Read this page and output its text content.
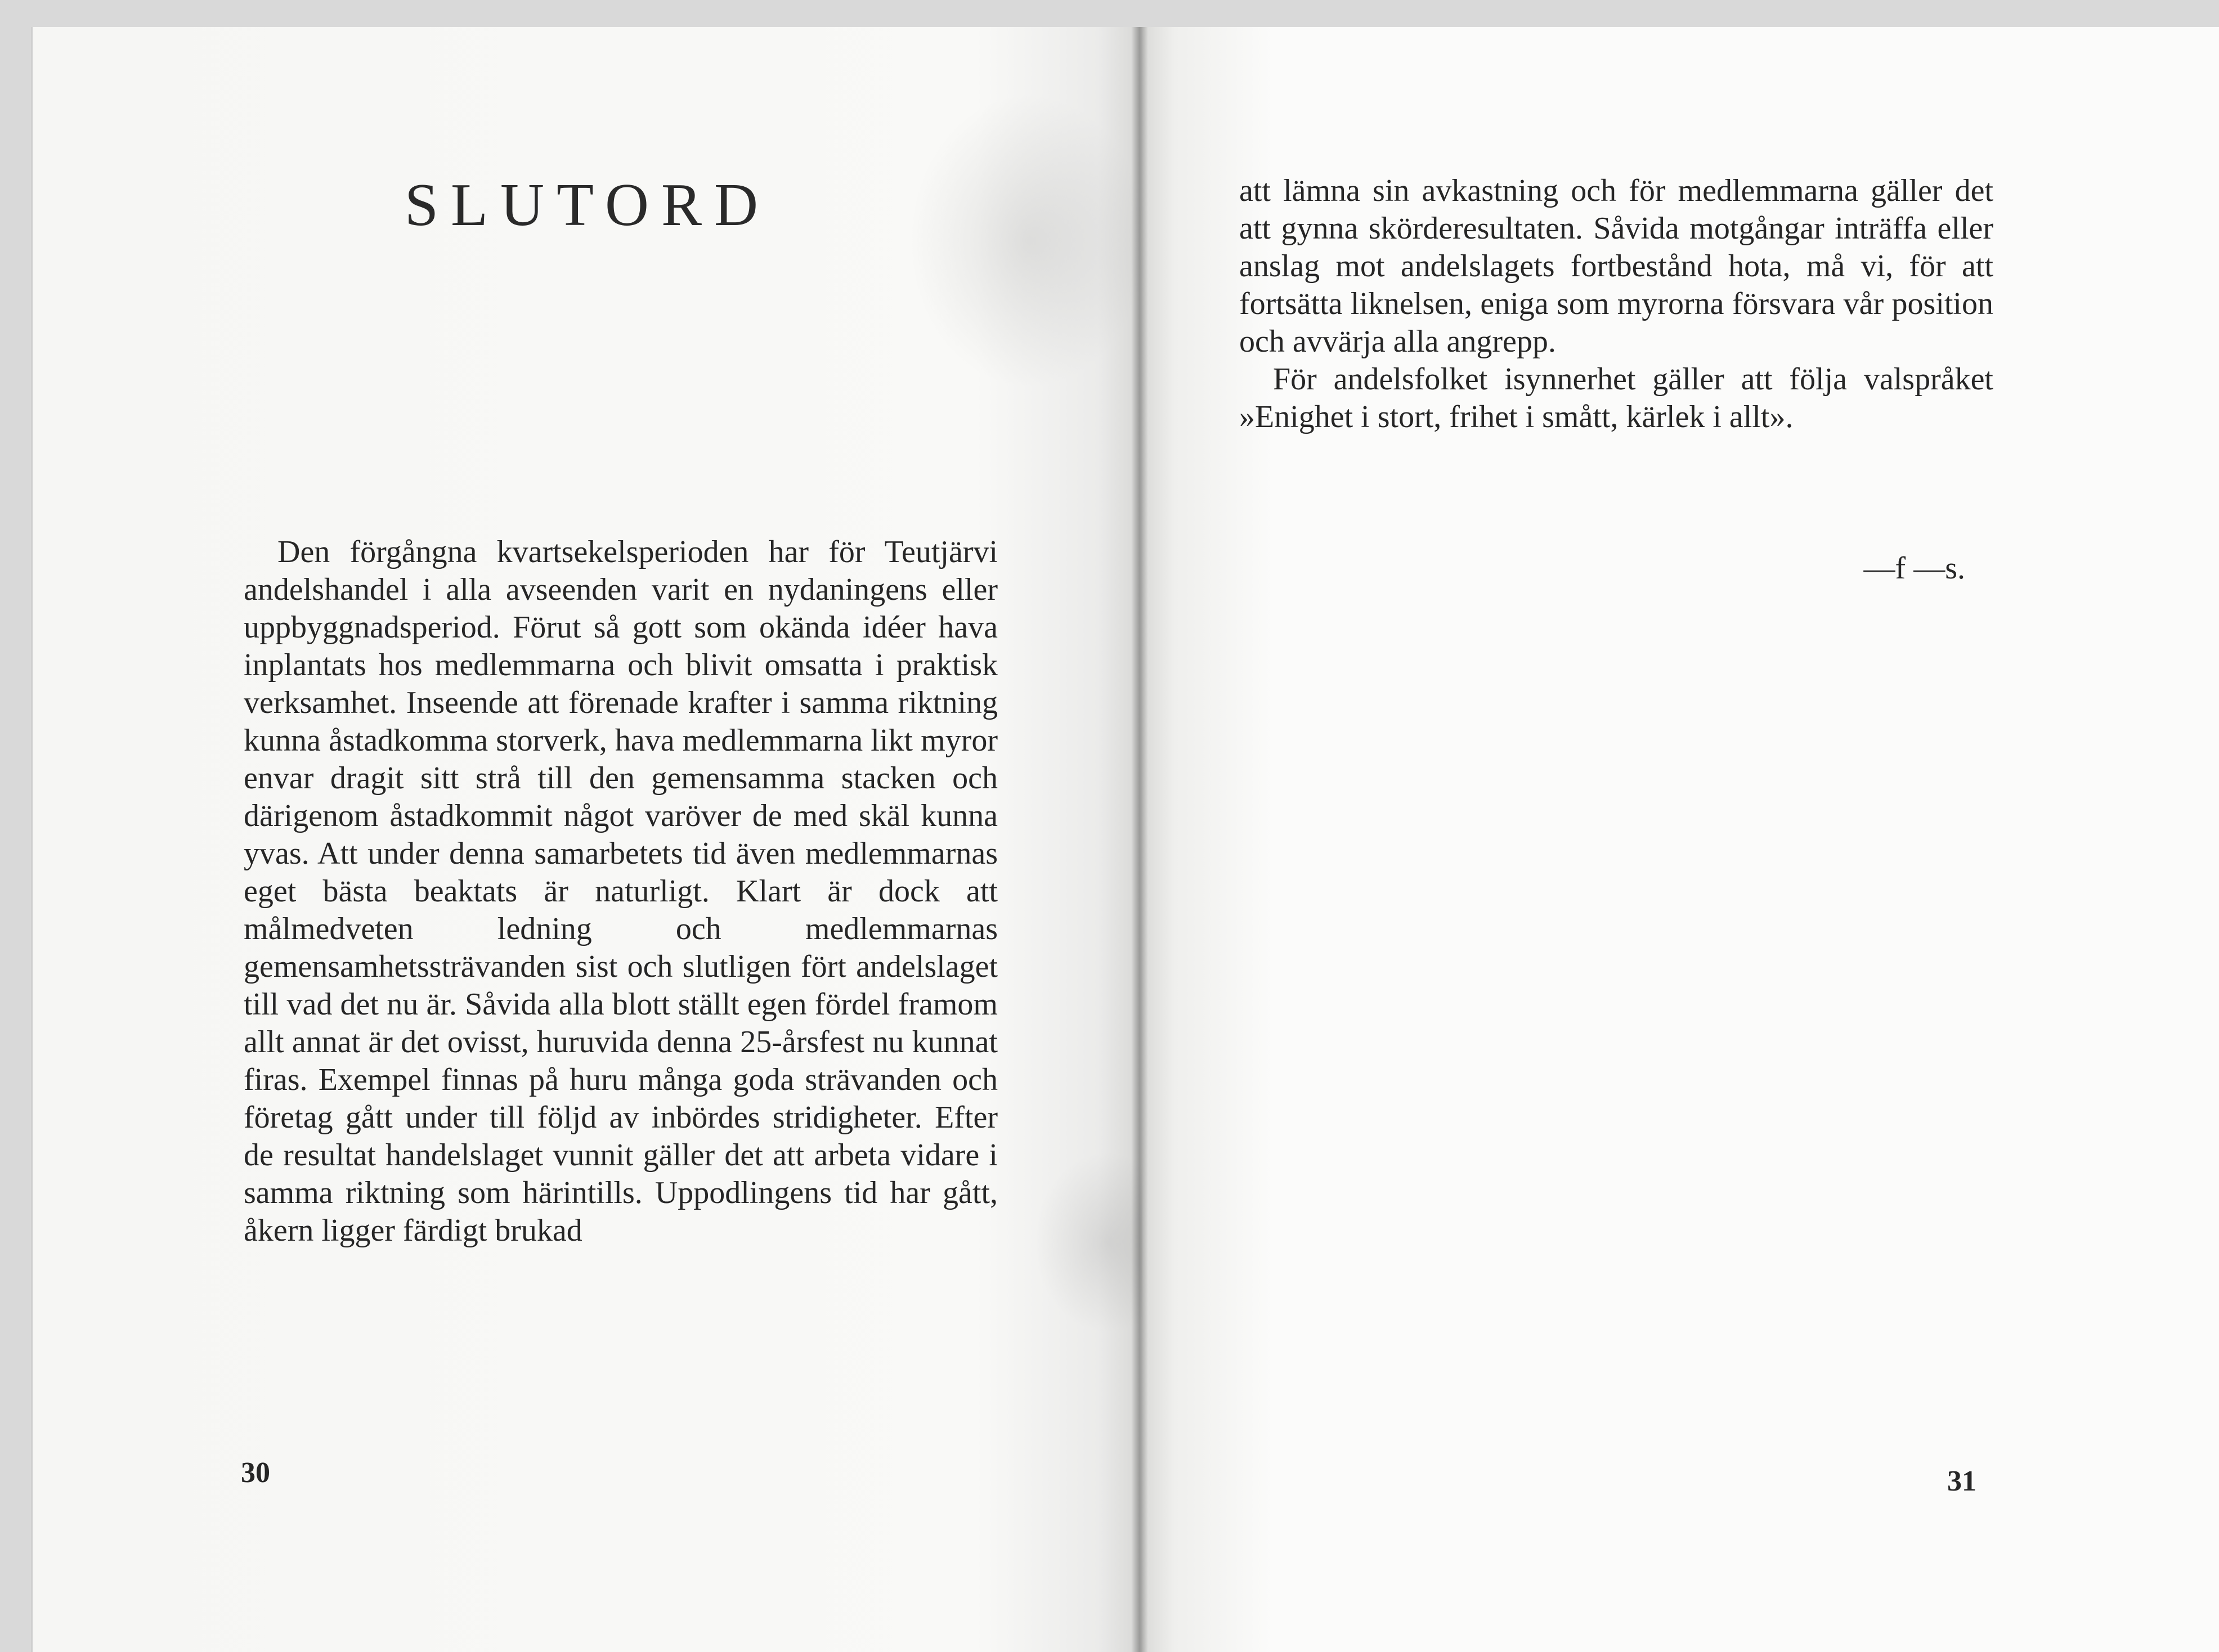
SLUTORD

Den förgångna kvartsekelsperioden har för Teutjärvi andelshandel i alla avseenden varit en nydaningens eller uppbyggnadsperiod. Förut så gott som okända idéer hava inplantats hos medlemmarna och blivit omsatta i praktisk verksamhet. Inseende att förenade krafter i samma riktning kunna åstadkomma storverk, hava medlemmarna likt myror envar dragit sitt strå till den gemensamma stacken och därigenom åstadkommit något varöver de med skäl kunna yvas. Att under denna samarbetets tid även medlemmarnas eget bästa beaktats är naturligt. Klart är dock att målmedveten ledning och medlemmarnas gemensamhetssträvanden sist och slutligen fört andelslaget till vad det nu är. Såvida alla blott ställt egen fördel framom allt annat är det ovisst, huruvida denna 25-årsfest nu kunnat firas. Exempel finnas på huru många goda strävanden och företag gått under till följd av inbördes stridigheter. Efter de resultat handelslaget vunnit gäller det att arbeta vidare i samma riktning som härintills. Uppodlingens tid har gått, åkern ligger färdigt brukad

30

att lämna sin avkastning och för medlemmarna gäller det att gynna skörderesultaten. Såvida motgångar inträffa eller anslag mot andelslagets fortbestånd hota, må vi, för att fortsätta liknelsen, eniga som myrorna försvara vår position och avvärja alla angrepp.

För andelsfolket isynnerhet gäller att följa valspråket »Enighet i stort, frihet i smått, kärlek i allt».

—f —s.
31
